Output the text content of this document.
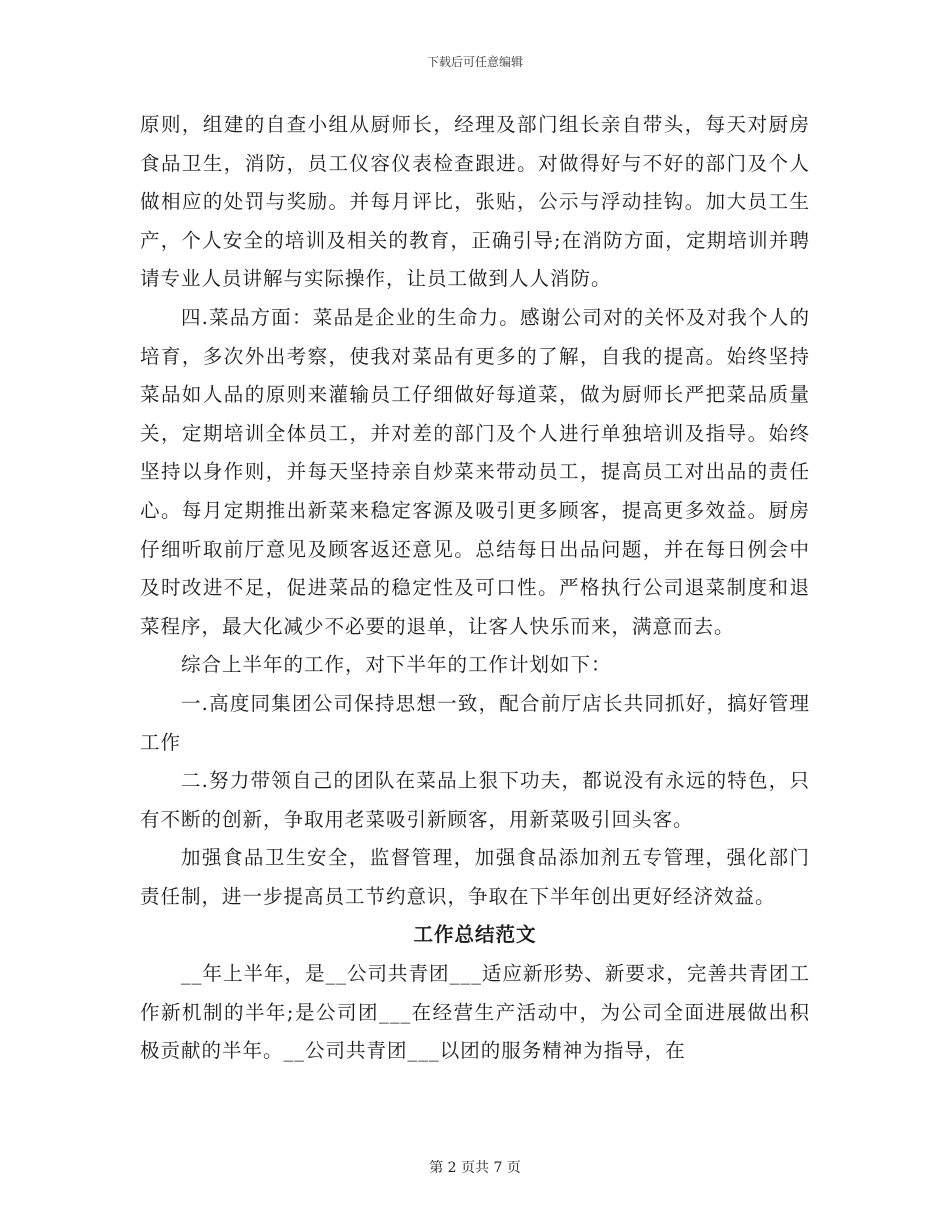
下载后可任意编辑

原则，组建的自查小组从厨师长，经理及部门组长亲自带头，每天对厨房食品卫生，消防，员工仪容仪表检查跟进。对做得好与不好的部门及个人做相应的处罚与奖励。并每月评比，张贴，公示与浮动挂钩。加大员工生产，个人安全的培训及相关的教育，正确引导;在消防方面，定期培训并聘请专业人员讲解与实际操作，让员工做到人人消防。

四.菜品方面：菜品是企业的生命力。感谢公司对的关怀及对我个人的培育，多次外出考察，使我对菜品有更多的了解，自我的提高。始终坚持菜品如人品的原则来灌输员工仔细做好每道菜，做为厨师长严把菜品质量关，定期培训全体员工，并对差的部门及个人进行单独培训及指导。始终坚持以身作则，并每天坚持亲自炒菜来带动员工，提高员工对出品的责任心。每月定期推出新菜来稳定客源及吸引更多顾客，提高更多效益。厨房仔细听取前厅意见及顾客返还意见。总结每日出品问题，并在每日例会中及时改进不足，促进菜品的稳定性及可口性。严格执行公司退菜制度和退菜程序，最大化减少不必要的退单，让客人快乐而来，满意而去。

综合上半年的工作，对下半年的工作计划如下：

一.高度同集团公司保持思想一致，配合前厅店长共同抓好，搞好管理工作

二.努力带领自己的团队在菜品上狠下功夫，都说没有永远的特色，只有不断的创新，争取用老菜吸引新顾客，用新菜吸引回头客。

加强食品卫生安全，监督管理，加强食品添加剂五专管理，强化部门责任制，进一步提高员工节约意识，争取在下半年创出更好经济效益。

工作总结范文

__年上半年，是__公司共青团___适应新形势、新要求，完善共青团工作新机制的半年;是公司团___在经营生产活动中，为公司全面进展做出积极贡献的半年。__公司共青团___以团的服务精神为指导，在

第 2 页共 7 页
